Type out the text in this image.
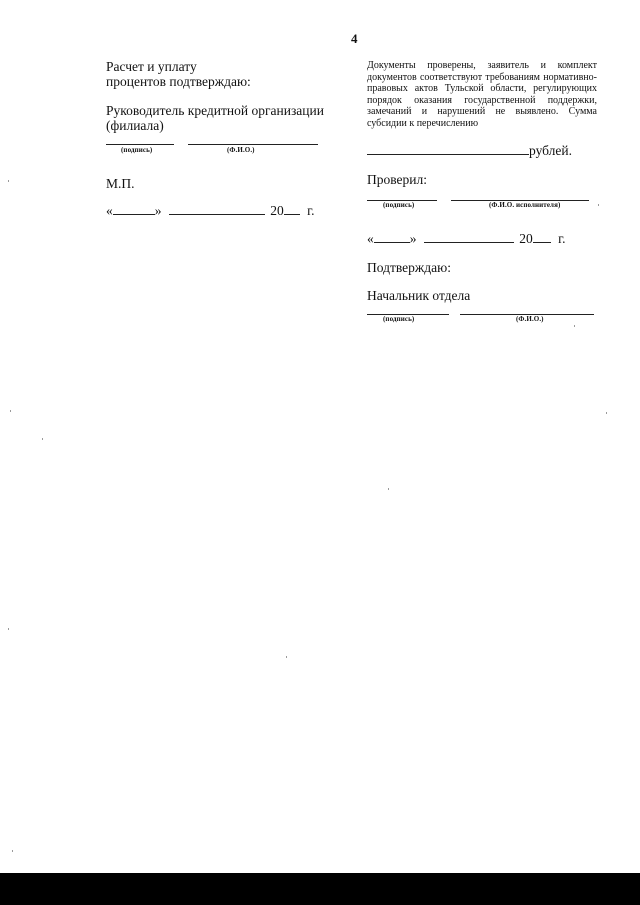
4

Расчет и уплату

процентов подтверждаю:

Руководитель кредитной организации

(филиала)

(подпись)	(Ф.И.О.)
М.П.
«	»	20 г.

Документы проверены, заявитель и комплект документов соответствуют требованиям нормативно-правовых актов Тульской области, регулирующих порядок оказания государственной поддержки, замечаний и нарушений не выявлено. Сумма субсидии к перечислению

рублей.
Проверил:
(подпись)	(Ф.И.О. исполнителя)
«	»	20 г.
Подтверждаю:
Начальник отдела
(подпись)	(Ф.И.О.)
